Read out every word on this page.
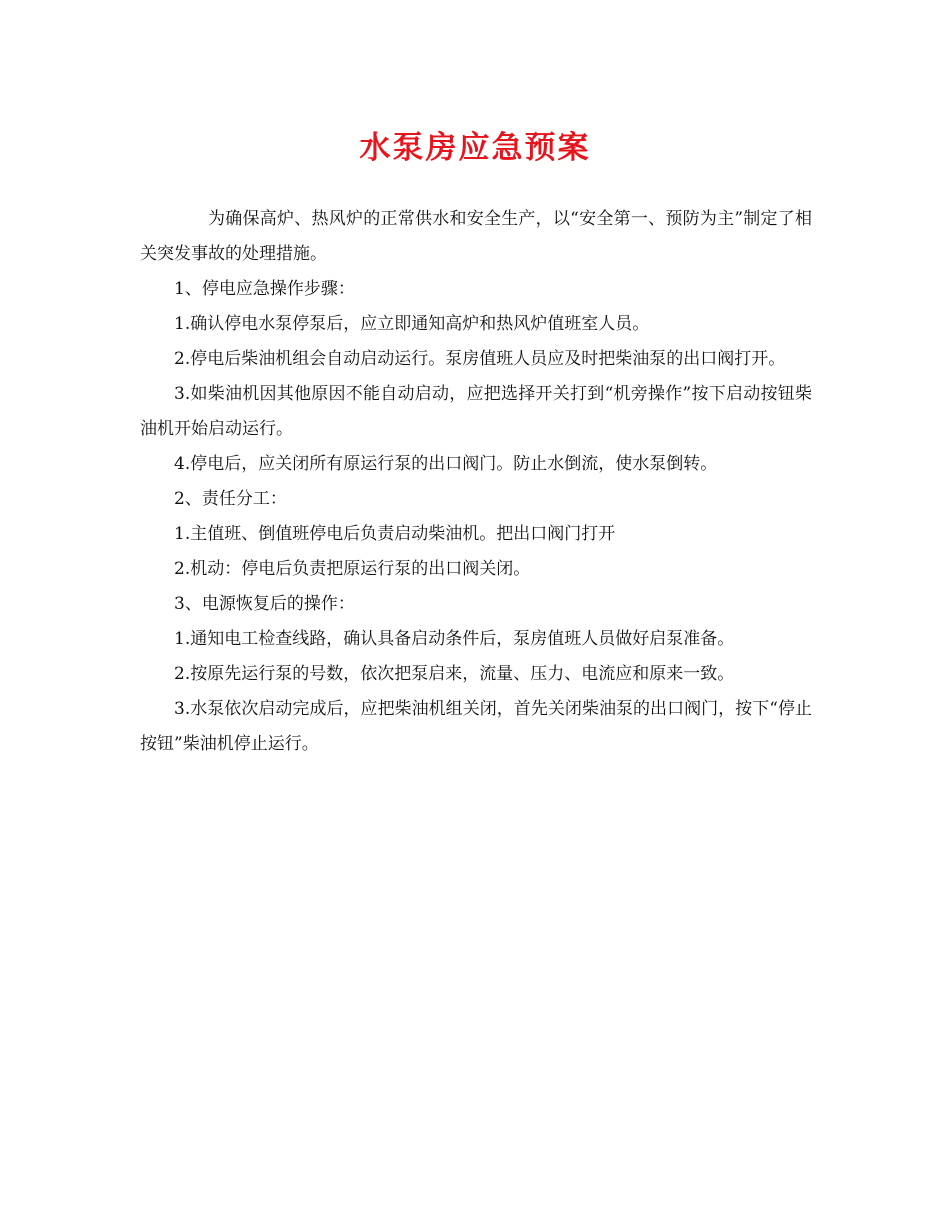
水泵房应急预案

为确保高炉、热风炉的正常供水和安全生产，以“安全第一、预防为主”制定了相关突发事故的处理措施。

1、停电应急操作步骤：

1.确认停电水泵停泵后，应立即通知高炉和热风炉值班室人员。

2.停电后柴油机组会自动启动运行。泵房值班人员应及时把柴油泵的出口阀打开。

3.如柴油机因其他原因不能自动启动，应把选择开关打到“机旁操作”按下启动按钮柴油机开始启动运行。

4.停电后，应关闭所有原运行泵的出口阀门。防止水倒流，使水泵倒转。

2、责任分工：

1.主值班、倒值班停电后负责启动柴油机。把出口阀门打开

2.机动：停电后负责把原运行泵的出口阀关闭。

3、电源恢复后的操作：

1.通知电工检查线路，确认具备启动条件后，泵房值班人员做好启泵准备。

2.按原先运行泵的号数，依次把泵启来，流量、压力、电流应和原来一致。

3.水泵依次启动完成后，应把柴油机组关闭，首先关闭柴油泵的出口阀门，按下“停止按钮”柴油机停止运行。
